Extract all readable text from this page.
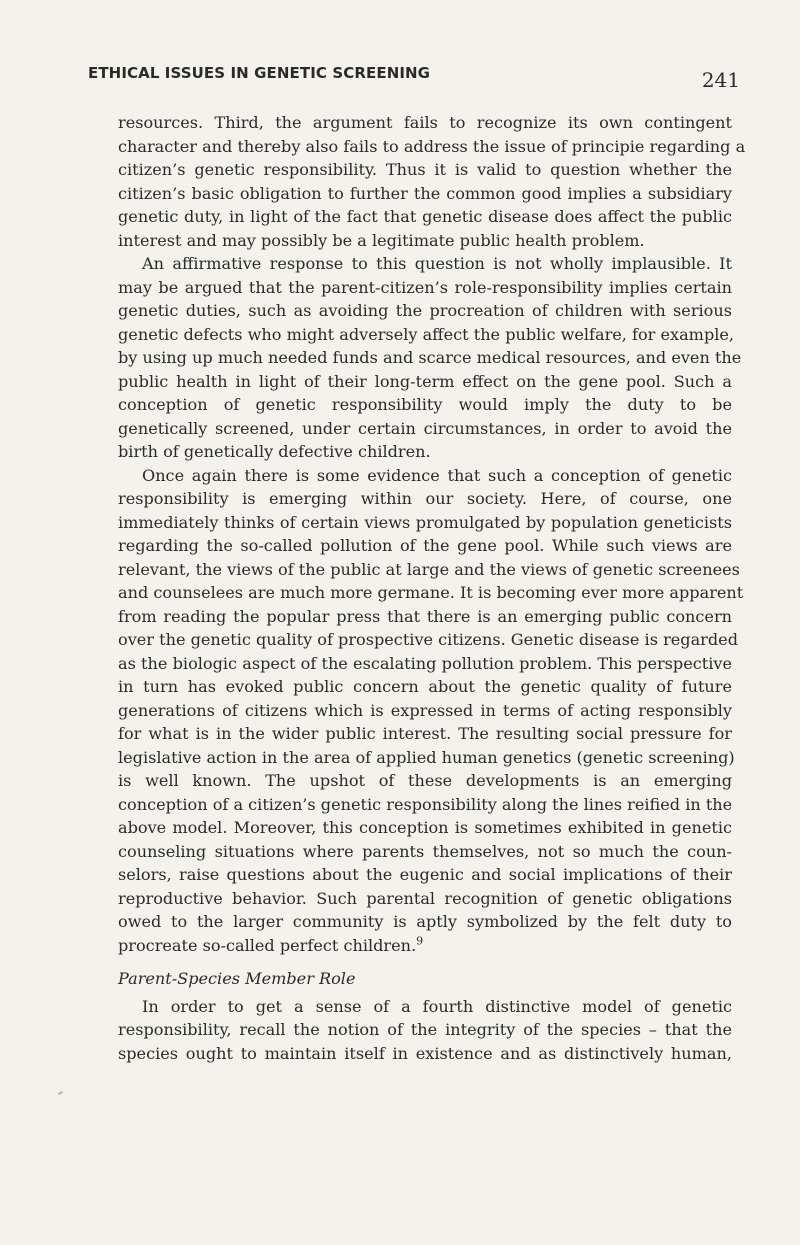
ETHICAL ISSUES IN GENETIC SCREENING	241
resources. Third, the argument fails to recognize its own contingent
character and thereby also fails to address the issue of principie regarding a
citizen’s genetic responsibility. Thus it is valid to question whether the
citizen’s basic obligation to further the common good implies a subsidiary
genetic duty, in light of the fact that genetic disease does affect the public
interest and may possibly be a legitimate public health problem.
An affirmative response to this question is not wholly implausible. It
may be argued that the parent-citizen’s role-responsibility implies certain
genetic duties, such as avoiding the procreation of children with serious
genetic defects who might adversely affect the public welfare, for example,
by using up much needed funds and scarce medical resources, and even the
public health in light of their long-term effect on the gene pool. Such a
conception of genetic responsibility would imply the duty to be
genetically screened, under certain circumstances, in order to avoid the
birth of genetically defective children.
Once again there is some evidence that such a conception of genetic
responsibility is emerging within our society. Here, of course, one
immediately thinks of certain views promulgated by population geneticists
regarding the so-called pollution of the gene pool. While such views are
relevant, the views of the public at large and the views of genetic screenees
and counselees are much more germane. It is becoming ever more apparent
from reading the popular press that there is an emerging public concern
over the genetic quality of prospective citizens. Genetic disease is regarded
as the biologic aspect of the escalating pollution problem. This perspective
in turn has evoked public concern about the genetic quality of future
generations of citizens which is expressed in terms of acting responsibly
for what is in the wider public interest. The resulting social pressure for
legislative action in the area of applied human genetics (genetic screening)
is well known. The upshot of these developments is an emerging
conception of a citizen’s genetic responsibility along the lines reified in the
above model. Moreover, this conception is sometimes exhibited in genetic
counseling situations where parents themselves, not so much the coun-
selors, raise questions about the eugenic and social implications of their
reproductive behavior. Such parental recognition of genetic obligations
owed to the larger community is aptly symbolized by the felt duty to
procreate so-called perfect children.$^9$
Parent-Species Member Role
In order to get a sense of a fourth distinctive model of genetic
responsibility, recall the notion of the integrity of the species – that the
species ought to maintain itself in existence and as distinctively human,
